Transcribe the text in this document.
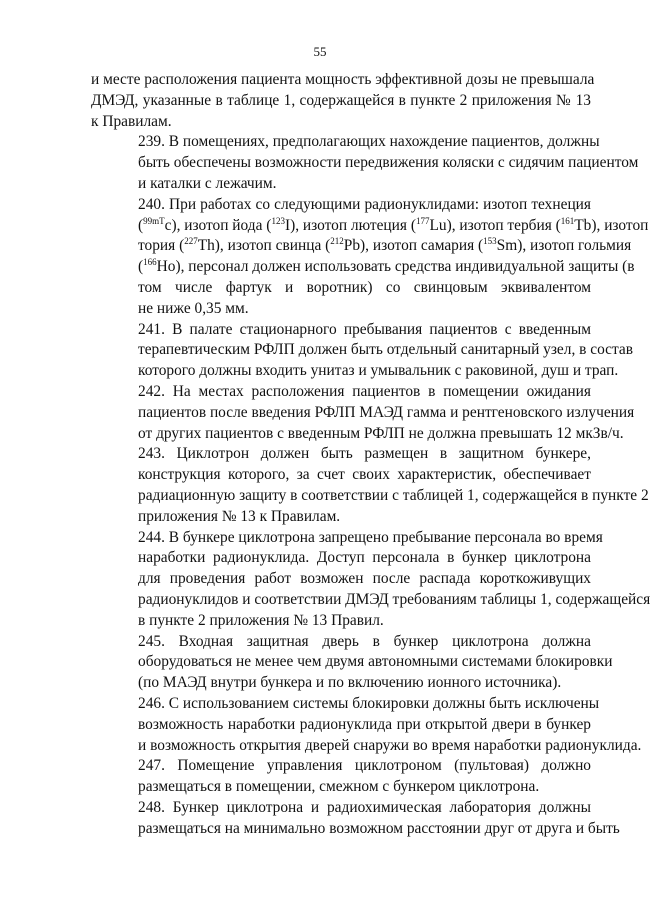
55
и месте расположения пациента мощность эффективной дозы не превышала
ДМЭД, указанные в таблице 1, содержащейся в пункте 2 приложения № 13
к Правилам.
239. В помещениях, предполагающих нахождение пациентов, должны
быть обеспечены возможности передвижения коляски с сидячим пациентом
и каталки с лежачим.
240. При работах со следующими радионуклидами: изотоп технеция
($^{99mT}$c), изотоп йода ($^{123}$I), изотоп лютеция ($^{177}$Lu), изотоп тербия ($^{161}$Tb), изотоп
тория ($^{227}$Th), изотоп свинца ($^{212}$Pb), изотоп самария ($^{153}$Sm), изотоп гольмия
($^{166}$Ho), персонал должен использовать средства индивидуальной защиты (в
том числе фартук и воротник) со свинцовым эквивалентом
не ниже 0,35 мм.
241. В палате стационарного пребывания пациентов с введенным
терапевтическим РФЛП должен быть отдельный санитарный узел, в состав
которого должны входить унитаз и умывальник с раковиной, душ и трап.
242. На местах расположения пациентов в помещении ожидания
пациентов после введения РФЛП МАЭД гамма и рентгеновского излучения
от других пациентов с введенным РФЛП не должна превышать 12 мкЗв/ч.
243. Циклотрон должен быть размещен в защитном бункере,
конструкция которого, за счет своих характеристик, обеспечивает
радиационную защиту в соответствии с таблицей 1, содержащейся в пункте 2
приложения № 13 к Правилам.
244. В бункере циклотрона запрещено пребывание персонала во время
наработки радионуклида. Доступ персонала в бункер циклотрона
для проведения работ возможен после распада короткоживущих
радионуклидов и соответствии ДМЭД требованиям таблицы 1, содержащейся
в пункте 2 приложения № 13 Правил.
245. Входная защитная дверь в бункер циклотрона должна
оборудоваться не менее чем двумя автономными системами блокировки
(по МАЭД внутри бункера и по включению ионного источника).
246. С использованием системы блокировки должны быть исключены
возможность наработки радионуклида при открытой двери в бункер
и возможность открытия дверей снаружи во время наработки радионуклида.
247. Помещение управления циклотроном (пультовая) должно
размещаться в помещении, смежном с бункером циклотрона.
248. Бункер циклотрона и радиохимическая лаборатория должны
размещаться на минимально возможном расстоянии друг от друга и быть
